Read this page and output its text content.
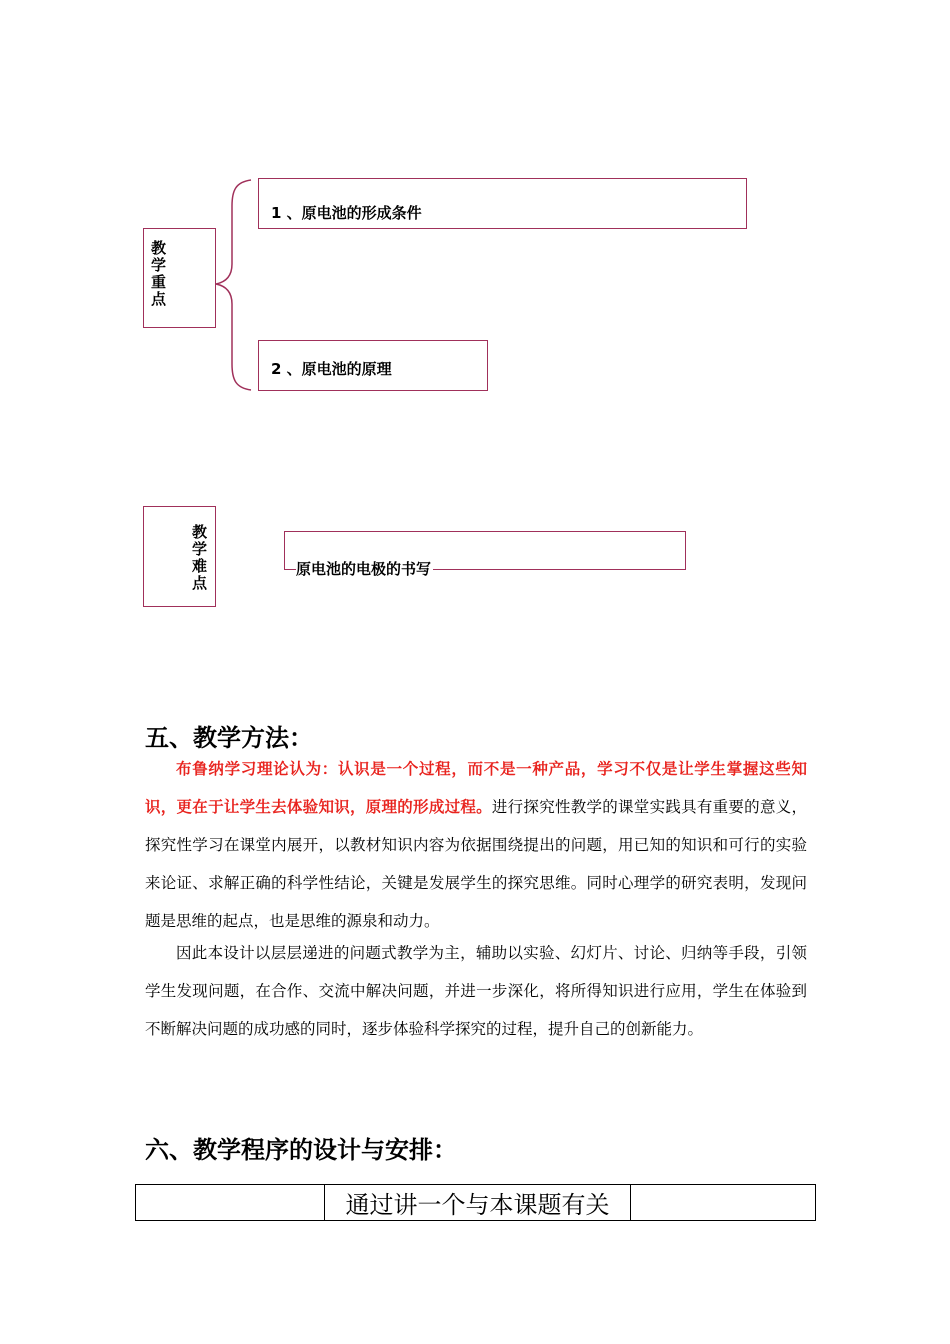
教学重点
1 、原电池的形成条件
2 、原电池的原理
教学难点
原电池的电极的书写
五、教学方法：

布鲁纳学习理论认为：认识是一个过程，而不是一种产品，学习不仅是让学生掌握这些知识，更在于让学生去体验知识，原理的形成过程。进行探究性教学的课堂实践具有重要的意义，探究性学习在课堂内展开，以教材知识内容为依据围绕提出的问题，用已知的知识和可行的实验来论证、求解正确的科学性结论，关键是发展学生的探究思维。同时心理学的研究表明，发现问题是思维的起点，也是思维的源泉和动力。

因此本设计以层层递进的问题式教学为主，辅助以实验、幻灯片、讨论、归纳等手段，引领学生发现问题，在合作、交流中解决问题，并进一步深化，将所得知识进行应用，学生在体验到不断解决问题的成功感的同时，逐步体验科学探究的过程，提升自己的创新能力。

六、教学程序的设计与安排：
	通过讲一个与本课题有关	
